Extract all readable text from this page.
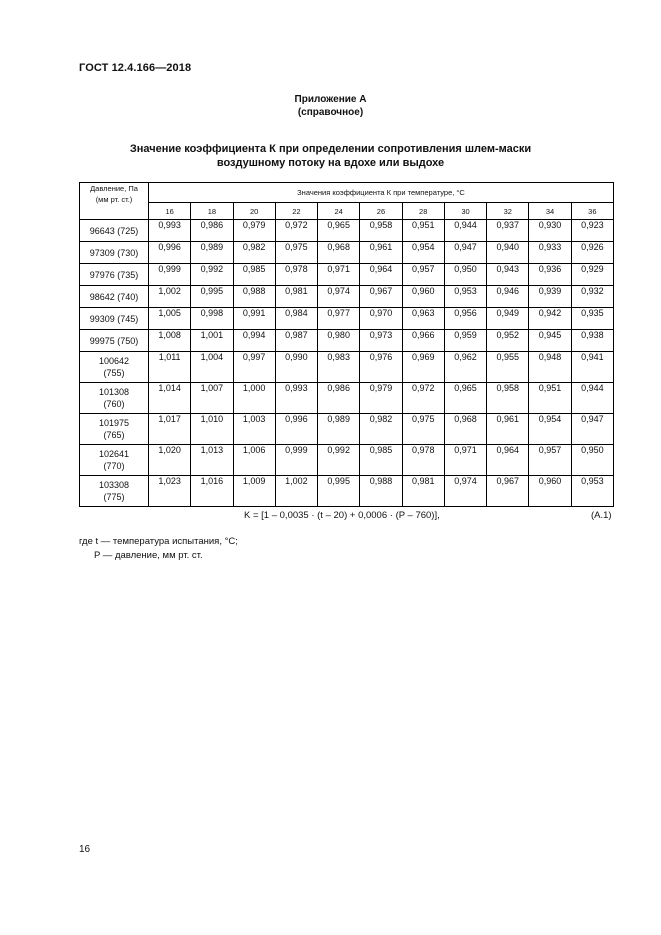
ГОСТ 12.4.166—2018
Приложение А
(справочное)
Значение коэффициента К при определении сопротивления шлем-маски
воздушному потоку на вдохе или выдохе
Давление, Па
(мм рт. ст.)	Значения коэффициента К при температуре, °С										
	16	18	20	22	24	26	28	30	32	34	36
96643 (725)	0,993	0,986	0,979	0,972	0,965	0,958	0,951	0,944	0,937	0,930	0,923
97309 (730)	0,996	0,989	0,982	0,975	0,968	0,961	0,954	0,947	0,940	0,933	0,926
97976 (735)	0,999	0,992	0,985	0,978	0,971	0,964	0,957	0,950	0,943	0,936	0,929
98642 (740)	1,002	0,995	0,988	0,981	0,974	0,967	0,960	0,953	0,946	0,939	0,932
99309 (745)	1,005	0,998	0,991	0,984	0,977	0,970	0,963	0,956	0,949	0,942	0,935
99975 (750)	1,008	1,001	0,994	0,987	0,980	0,973	0,966	0,959	0,952	0,945	0,938

100642
(755)	1,011	1,004	0,997	0,990	0,983	0,976	0,969	0,962	0,955	0,948	0,941

101308
(760)	1,014	1,007	1,000	0,993	0,986	0,979	0,972	0,965	0,958	0,951	0,944

101975
(765)	1,017	1,010	1,003	0,996	0,989	0,982	0,975	0,968	0,961	0,954	0,947

102641
(770)	1,020	1,013	1,006	0,999	0,992	0,985	0,978	0,971	0,964	0,957	0,950

103308
(775)	1,023	1,016	1,009	1,002	0,995	0,988	0,981	0,974	0,967	0,960	0,953
K = [1 – 0,0035 · (t – 20) + 0,0006 · (P – 760)],	(А.1)
где t — температура испытания, °С;
P — давление, мм рт. ст.
16
